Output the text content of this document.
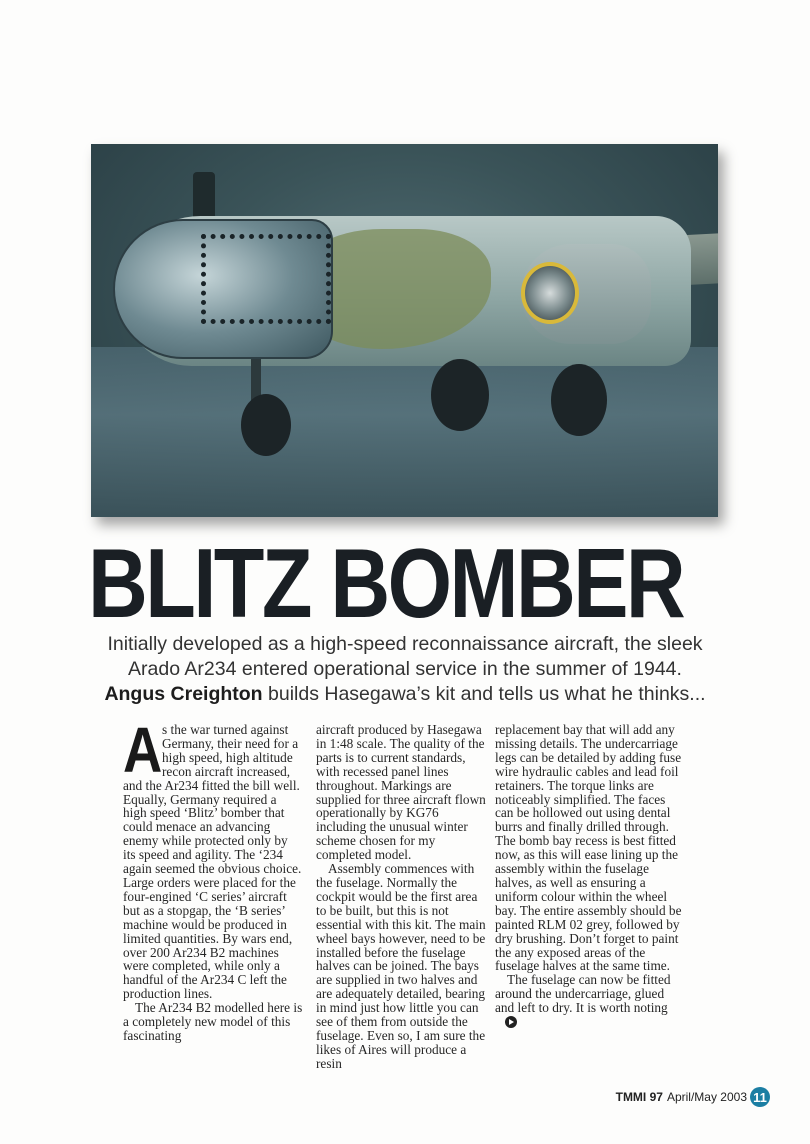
BLITZ BOMBER
Initially developed as a high-speed reconnaissance aircraft, the sleek
Arado Ar234 entered operational service in the summer of 1944.
Angus Creighton builds Hasegawa’s kit and tells us what he thinks...
A s the war turned against Germany, their need for a high speed, high altitude recon aircraft increased, and the Ar234 fitted the bill well. Equally, Germany required a high speed ‘Blitz’ bomber that could menace an advancing enemy while protected only by its speed and agility. The ‘234 again seemed the obvious choice. Large orders were placed for the four-engined ‘C series’ aircraft but as a stopgap, the ‘B series’ machine would be produced in limited quantities. By wars end, over 200 Ar234 B2 machines were completed, while only a handful of the Ar234 C left the production lines.

The Ar234 B2 modelled here is a completely new model of this fascinating

aircraft produced by Hasegawa in 1:48 scale. The quality of the parts is to current standards, with recessed panel lines throughout. Markings are supplied for three aircraft flown operationally by KG76 including the unusual winter scheme chosen for my completed model.

Assembly commences with the fuselage. Normally the cockpit would be the first area to be built, but this is not essential with this kit. The main wheel bays however, need to be installed before the fuselage halves can be joined. The bays are supplied in two halves and are adequately detailed, bearing in mind just how little you can see of them from outside the fuselage. Even so, I am sure the likes of Aires will produce a resin

replacement bay that will add any missing details. The undercarriage legs can be detailed by adding fuse wire hydraulic cables and lead foil retainers. The torque links are noticeably simplified. The faces can be hollowed out using dental burrs and finally drilled through. The bomb bay recess is best fitted now, as this will ease lining up the assembly within the fuselage halves, as well as ensuring a uniform colour within the wheel bay. The entire assembly should be painted RLM 02 grey, followed by dry brushing. Don’t forget to paint the any exposed areas of the fuselage halves at the same time.

The fuselage can now be fitted around the undercarriage, glued and left to dry. It is worth noting

TMMI 97 April/May 2003 11
